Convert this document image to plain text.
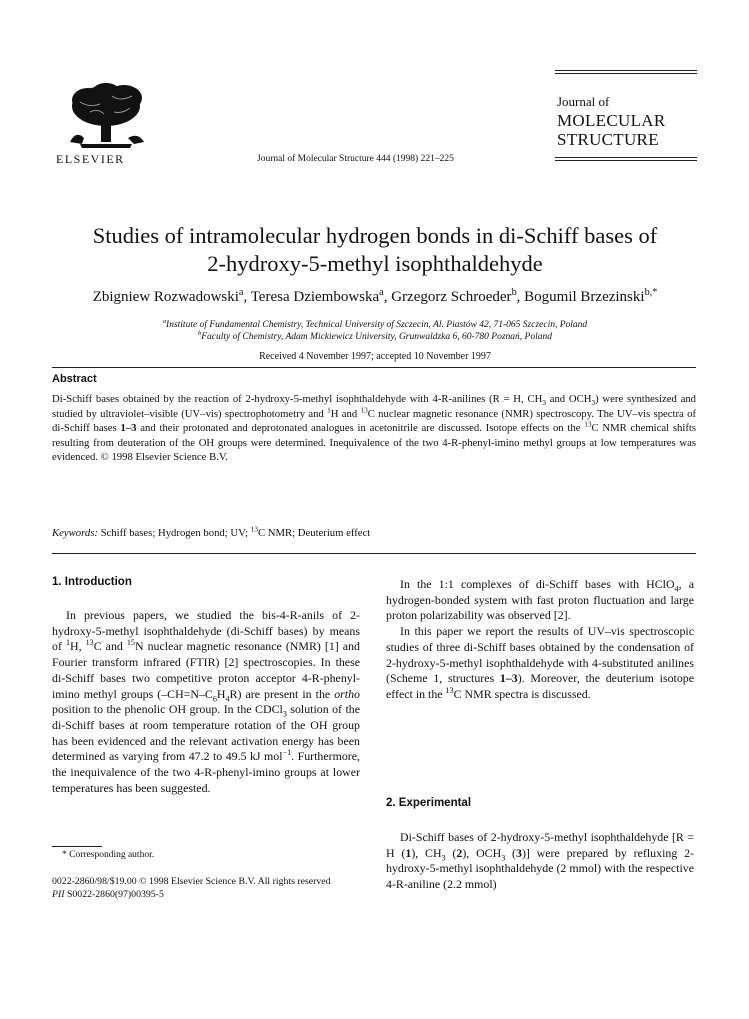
ELSEVIER	Journal of Molecular Structure 444 (1998) 221–225
Journal of
MOLECULAR
STRUCTURE
Studies of intramolecular hydrogen bonds in di-Schiff bases of
2-hydroxy-5-methyl isophthaldehyde
Zbigniew Rozwadowski$^a$, Teresa Dziembowska$^a$, Grzegorz Schroeder$^b$, Bogumil Brzezinski$^{b,*}$
$^a$Institute of Fundamental Chemistry, Technical University of Szczecin, Al. Piastów 42, 71-065 Szczecin, Poland
$^b$Faculty of Chemistry, Adam Mickiewicz University, Grunwaldzka 6, 60-780 Poznań, Poland
Received 4 November 1997; accepted 10 November 1997
Abstract
Di-Schiff bases obtained by the reaction of 2-hydroxy-5-methyl isophthaldehyde with 4-R-anilines (R = H, $CH_3$ and $OCH_3$) were synthesized and studied by ultraviolet–visible (UV–vis) spectrophotometry and $^1$H and $^{13}$C nuclear magnetic resonance (NMR) spectroscopy. The UV–vis spectra of di-Schiff bases 1–3 and their protonated and deprotonated analogues in acetonitrile are discussed. Isotope effects on the $^{13}$C NMR chemical shifts resulting from deuteration of the OH groups were determined. Inequivalence of the two 4-R-phenyl-imino methyl groups at low temperatures was evidenced. © 1998 Elsevier Science B.V.
Keywords: Schiff bases; Hydrogen bond; UV; $^{13}$C NMR; Deuterium effect
1. Introduction

In previous papers, we studied the bis-4-R-anils of 2-hydroxy-5-methyl isophthaldehyde (di-Schiff bases) by means of $^1$H, $^{13}$C and $^{15}$N nuclear magnetic resonance (NMR) [1] and Fourier transform infrared (FTIR) [2] spectroscopies. In these di-Schiff bases two competitive proton acceptor 4-R-phenyl-imino methyl groups $(-CH=N-C_6H_4R)$ are present in the ortho position to the phenolic OH group. In the CDCl$_3$ solution of the di-Schiff bases at room temperature rotation of the OH group has been evidenced and the relevant activation energy has been determined as varying from 47.2 to 49.5 kJ mol$^{-1}$. Furthermore, the inequivalence of the two 4-R-phenyl-imino groups at lower temperatures has been suggested.

* Corresponding author.

In the 1:1 complexes of di-Schiff bases with HClO$_4$, a hydrogen-bonded system with fast proton fluctuation and large proton polarizability was observed [2].

In this paper we report the results of UV–vis spectroscopic studies of three di-Schiff bases obtained by the condensation of 2-hydroxy-5-methyl isophthaldehyde with 4-substituted anilines (Scheme 1, structures 1–3). Moreover, the deuterium isotope effect in the $^{13}$C NMR spectra is discussed.

2. Experimental

Di-Schiff bases of 2-hydroxy-5-methyl isophthaldehyde [R = H (1), $CH_3$ (2), $OCH_3$ (3)] were prepared by refluxing 2-hydroxy-5-methyl isophthaldehyde (2 mmol) with the respective 4-R-aniline (2.2 mmol)

0022-2860/98/$19.00 © 1998 Elsevier Science B.V. All rights reserved
PII S0022-2860(97)00395-5
